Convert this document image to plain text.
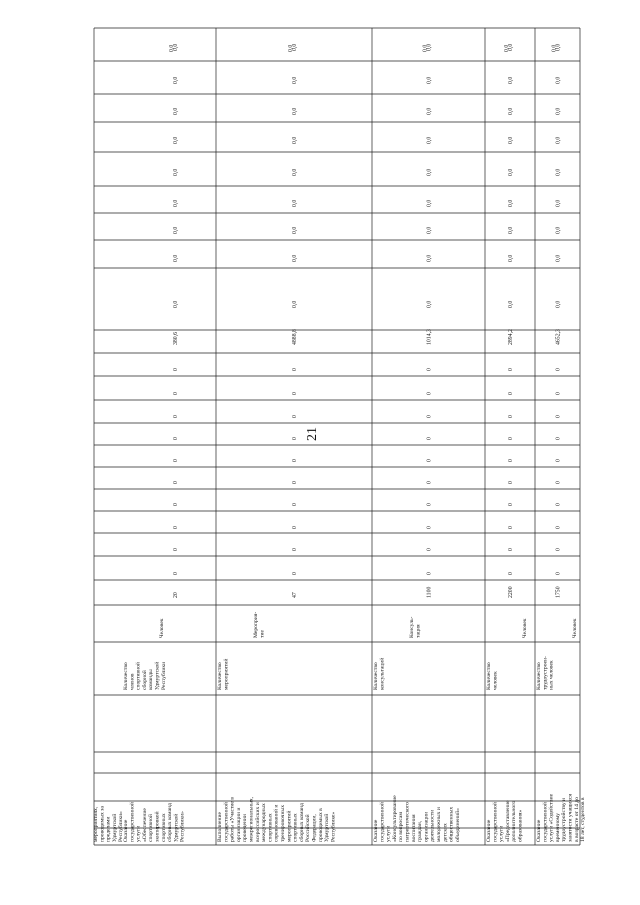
мероприятиях,проводимых запределамиУдмуртскойРеспублики»
Оказаниегосударственнойуслуги«Обеспечениеспортивнойэкипировкойспортивныхсборных командУдмуртскойРеспублики»
КоличествочленовспортивнойсборнойкомандыУдмуртскойРеспублики
Человек
20
0
0
0
0
0
0
0
0
0
0
380,6
0,0
0,0
0,0
0,0
0,0
0,0
0,0
0,0
0,0
0,0
Выполнениегосударственнойработы «Участие ворганизации ипроведениимежрегиональных,всероссийских имеждународныхспортивныхсоревнований итренировочныхмероприятийспортивныхсборных командРоссийскойФедерации,проводимых вУдмуртскойРеспублике»
Количествомероприятий
Мероприя-тие
47
0
0
0
0
0
0
0
0
0
0
4888,8
0,0
0,0
0,0
0,0
0,0
0,0
0,0
0,0
0,0
0,0
Оказаниегосударственнойуслуги«Консультированиепо вопросампатриотическоговоспитанияграждан,организациидеятельностимолодежных идетскихобщественныхобъединений»
Количествоконсультаций
Консуль-тация
1100
0
0
0
0
0
0
0
0
0
0
1014,3
0,0
0,0
0,0
0,0
0,0
0,0
0,0
0,0
0,0
0,0
Оказаниегосударственнойуслуги«Предоставлениедополнительногообразования»
Количествочеловек
Человек
2200
0
0
0
0
0
0
0
0
0
0
2894,2
0,0
0,0
0,0
0,0
0,0
0,0
0,0
0,0
0,0
0,0
Оказаниегосударственнойуслуги «Содействиевременномутрудоустройству изанятости учащихсяв возрасте от 14 до18 лет, студентов в
Количествотрудоустроен-ных человек
Человек
1750
0
0
0
0
0
0
0
0
0
0
4652,3
0,0
0,0
0,0
0,0
0,0
0,0
0,0
0,0
0,0
0,0
21
